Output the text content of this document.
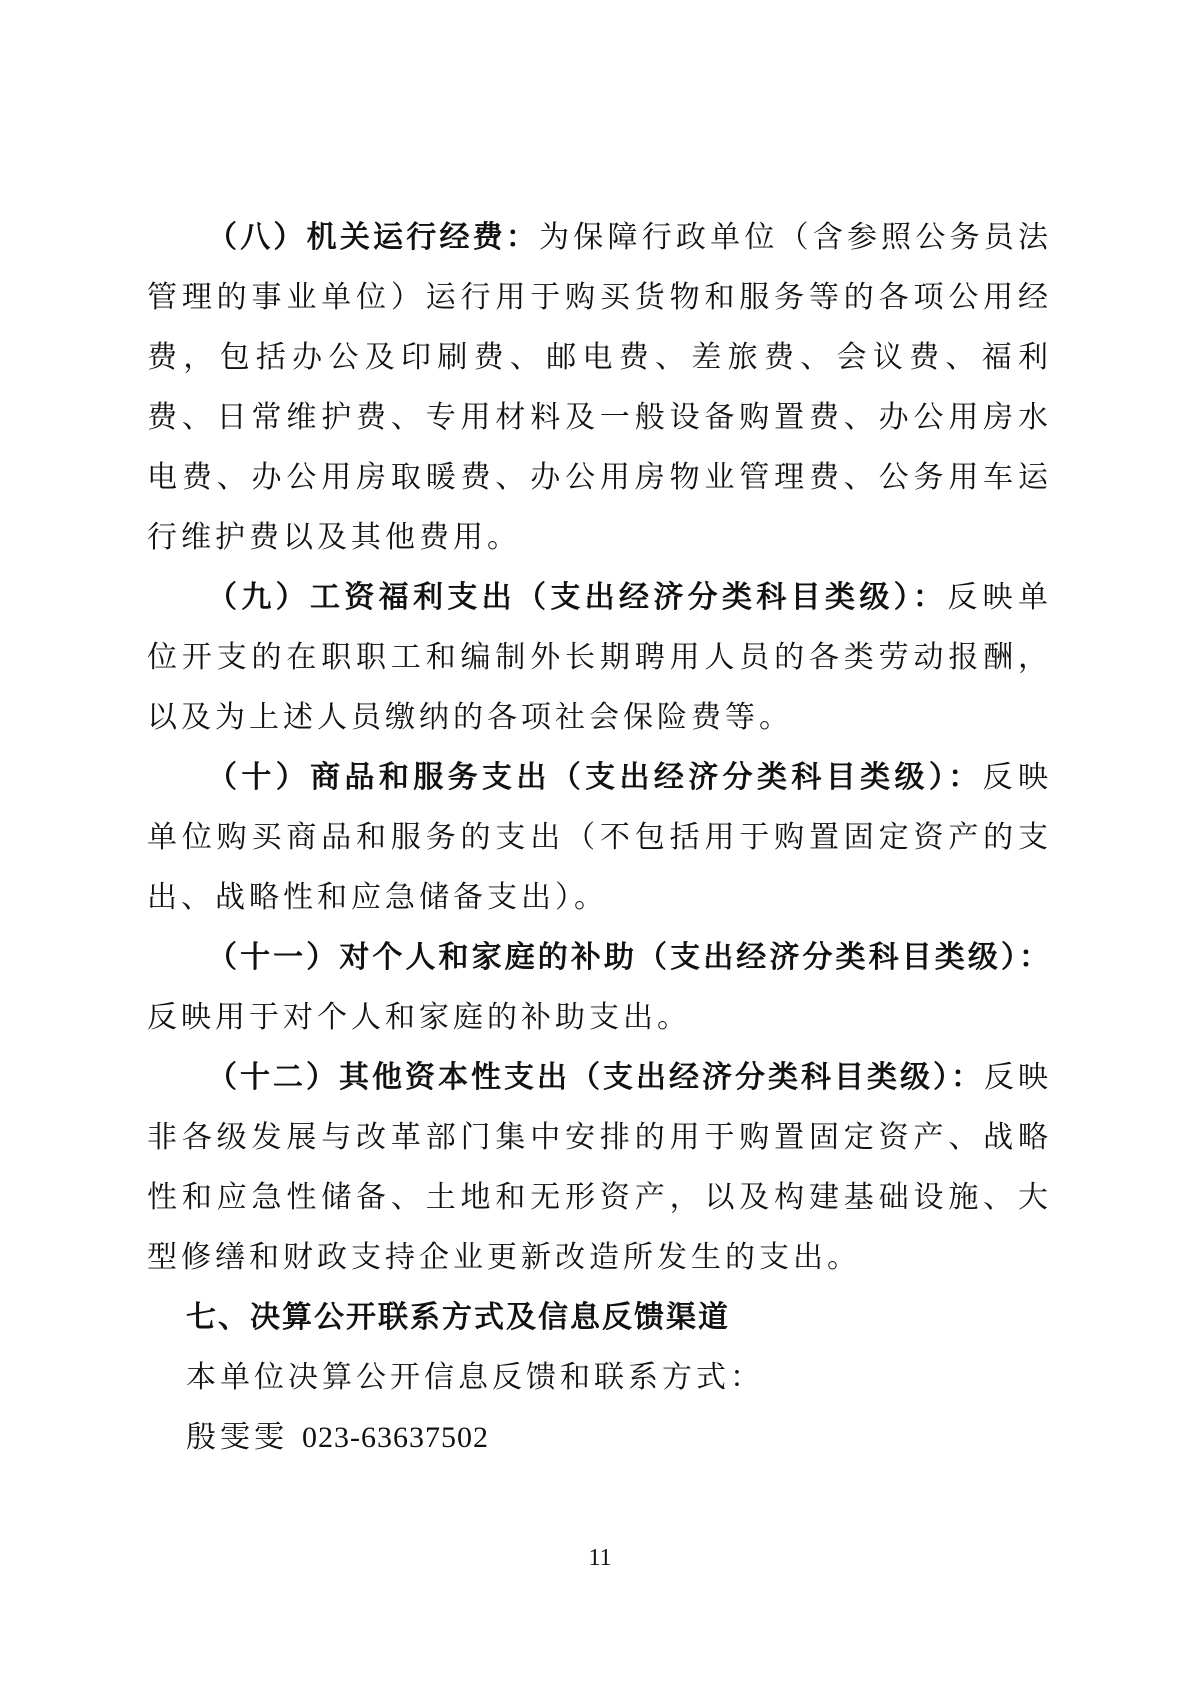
（八）机关运行经费：为保障行政单位（含参照公务员法管理的事业单位）运行用于购买货物和服务等的各项公用经费，包括办公及印刷费、邮电费、差旅费、会议费、福利费、日常维护费、专用材料及一般设备购置费、办公用房水电费、办公用房取暖费、办公用房物业管理费、公务用车运行维护费以及其他费用。

（九）工资福利支出（支出经济分类科目类级）：反映单位开支的在职职工和编制外长期聘用人员的各类劳动报酬，以及为上述人员缴纳的各项社会保险费等。

（十）商品和服务支出（支出经济分类科目类级）：反映单位购买商品和服务的支出（不包括用于购置固定资产的支出、战略性和应急储备支出）。

（十一）对个人和家庭的补助（支出经济分类科目类级）：反映用于对个人和家庭的补助支出。

（十二）其他资本性支出（支出经济分类科目类级）：反映非各级发展与改革部门集中安排的用于购置固定资产、战略性和应急性储备、土地和无形资产，以及构建基础设施、大型修缮和财政支持企业更新改造所发生的支出。

七、决算公开联系方式及信息反馈渠道

本单位决算公开信息反馈和联系方式：

殷雯雯 023-63637502

11
